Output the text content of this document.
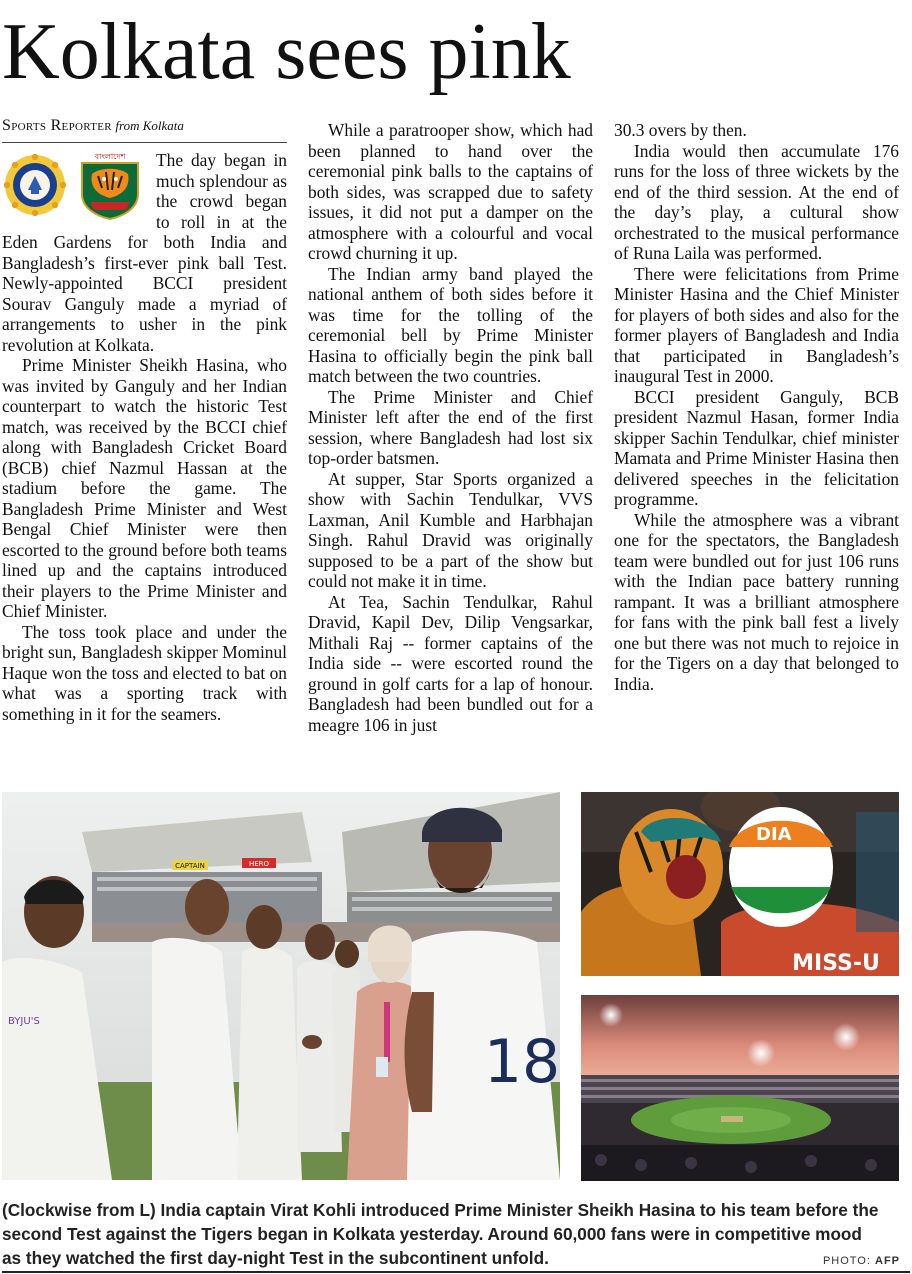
Kolkata sees pink
Sports Reporter from Kolkata
বাংলাদেশ	The day began in much splendour as the crowd began to roll in at the Eden Gardens for both India and Bangladesh’s first-ever pink ball Test. Newly-appointed BCCI president Sourav Ganguly made a myriad of arrangements to usher in the pink revolution at Kolkata.

Prime Minister Sheikh Hasina, who was invited by Ganguly and her Indian counterpart to watch the historic Test match, was received by the BCCI chief along with Bangladesh Cricket Board (BCB) chief Nazmul Hassan at the stadium before the game. The Bangladesh Prime Minister and West Bengal Chief Minister were then escorted to the ground before both teams lined up and the captains introduced their players to the Prime Minister and Chief Minister.

The toss took place and under the bright sun, Bangladesh skipper Mominul Haque won the toss and elected to bat on what was a sporting track with something in it for the seamers.

While a paratrooper show, which had been planned to hand over the ceremonial pink balls to the captains of both sides, was scrapped due to safety issues, it did not put a damper on the atmosphere with a colourful and vocal crowd churning it up.

The Indian army band played the national anthem of both sides before it was time for the tolling of the ceremonial bell by Prime Minister Hasina to officially begin the pink ball match between the two countries.

The Prime Minister and Chief Minister left after the end of the first session, where Bangladesh had lost six top-order batsmen.

At supper, Star Sports organized a show with Sachin Tendulkar, VVS Laxman, Anil Kumble and Harbhajan Singh. Rahul Dravid was originally supposed to be a part of the show but could not make it in time.

At Tea, Sachin Tendulkar, Rahul Dravid, Kapil Dev, Dilip Vengsarkar, Mithali Raj -- former captains of the India side -- were escorted round the ground in golf carts for a lap of honour. Bangladesh had been bundled out for a meagre 106 in just

30.3 overs by then.

India would then accumulate 176 runs for the loss of three wickets by the end of the third session. At the end of the day’s play, a cultural show orchestrated to the musical performance of Runa Laila was performed.

There were felicitations from Prime Minister Hasina and the Chief Minister for players of both sides and also for the former players of Bangladesh and India that participated in Bangladesh’s inaugural Test in 2000.

BCCI president Ganguly, BCB president Nazmul Hasan, former India skipper Sachin Tendulkar, chief minister Mamata and Prime Minister Hasina then delivered speeches in the felicitation programme.

While the atmosphere was a vibrant one for the spectators, the Bangladesh team were bundled out for just 106 runs with the Indian pace battery running rampant. It was a brilliant atmosphere for fans with the pink ball fest a lively one but there was not much to rejoice in for the Tigers on a day that belonged to India.

CAPTAIN	HERO
BYJU'S
18
DIA
MISS-U
(Clockwise from L) India captain Virat Kohli introduced Prime Minister Sheikh Hasina to his team before the second Test against the Tigers began in Kolkata yesterday. Around 60,000 fans were in competitive mood as they watched the first day-night Test in the subcontinent unfold.	PHOTO: AFP
